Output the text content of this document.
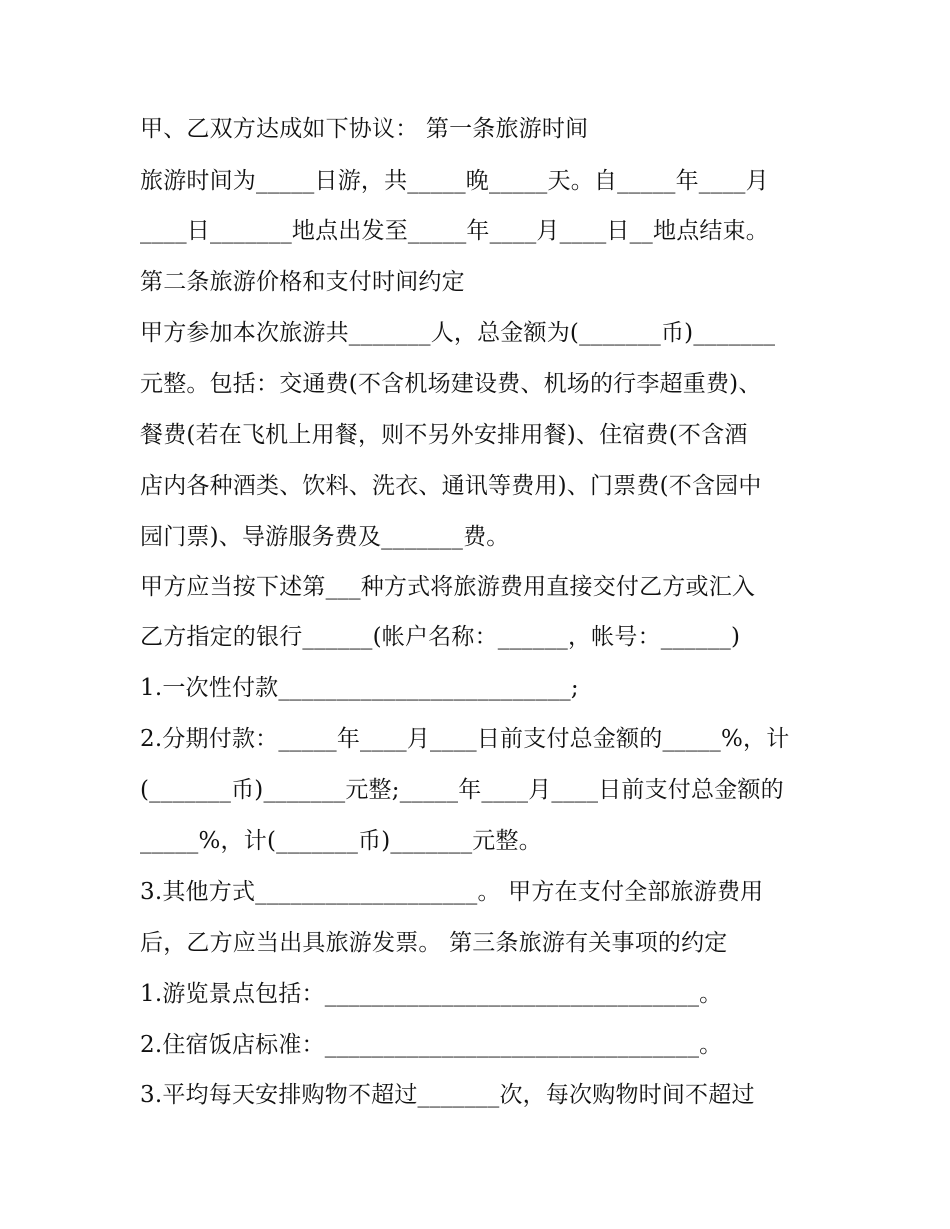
甲、乙双方达成如下协议： 第一条旅游时间
旅游时间为_____日游，共_____晚_____天。自_____年____月
____日_______地点出发至_____年____月____日__地点结束。
第二条旅游价格和支付时间约定
甲方参加本次旅游共_______人，总金额为(_______币)_______
元整。包括：交通费(不含机场建设费、机场的行李超重费)、
餐费(若在飞机上用餐，则不另外安排用餐)、住宿费(不含酒
店内各种酒类、饮料、洗衣、通讯等费用)、门票费(不含园中
园门票)、导游服务费及_______费。
甲方应当按下述第___种方式将旅游费用直接交付乙方或汇入
乙方指定的银行______(帐户名称：______，帐号：______)
1.一次性付款_________________________;
2.分期付款：_____年____月____日前支付总金额的_____%，计
(_______币)_______元整;_____年____月____日前支付总金额的
_____%，计(_______币)_______元整。
3.其他方式___________________。 甲方在支付全部旅游费用
后，乙方应当出具旅游发票。 第三条旅游有关事项的约定
1.游览景点包括：________________________________。
2.住宿饭店标准：________________________________。
3.平均每天安排购物不超过_______次，每次购物时间不超过
